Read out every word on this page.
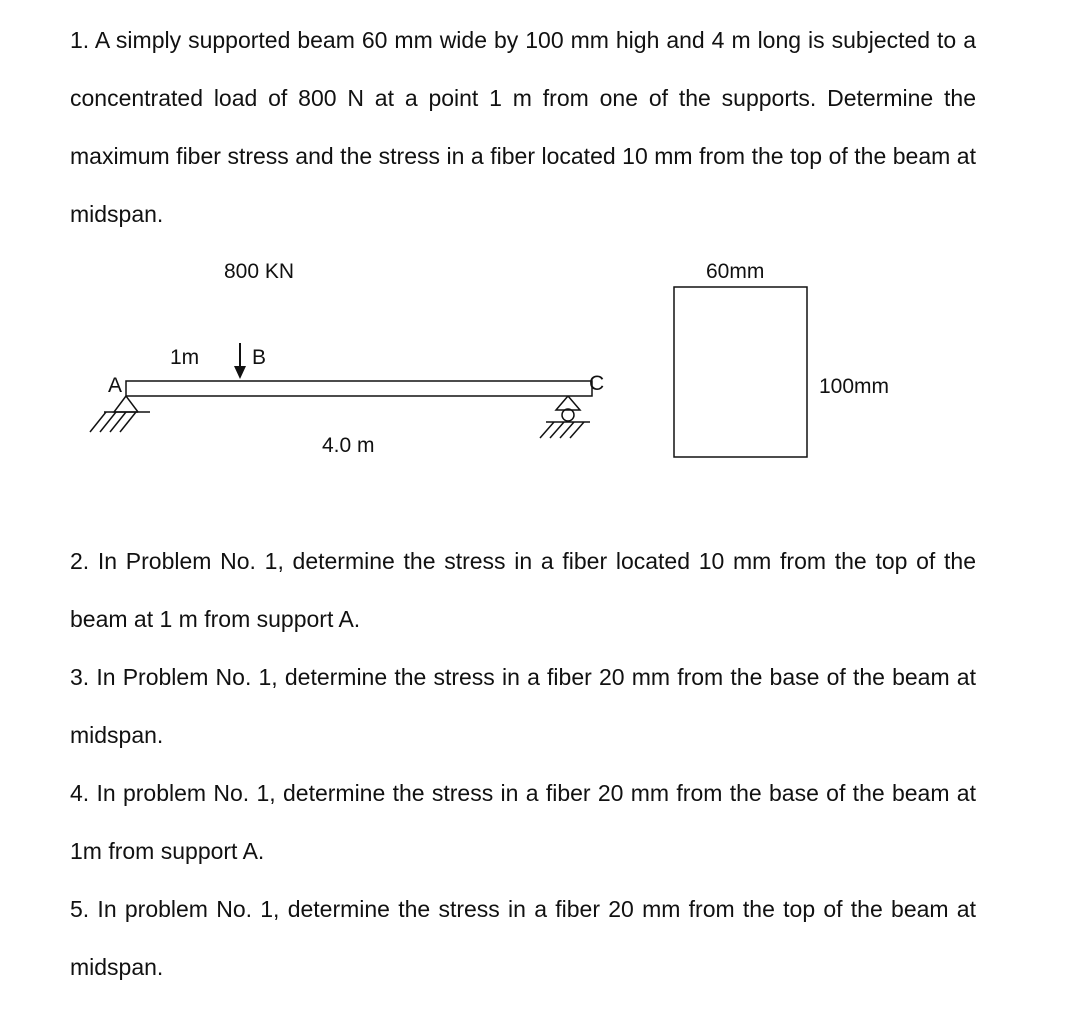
1. A simply supported beam 60 mm wide by 100 mm high and 4 m long is subjected to a concentrated load of 800 N at a point 1 m from one of the supports. Determine the maximum fiber stress and the stress in a fiber located 10 mm from the top of the beam at midspan.
800 KN
1m	B
A	C
4.0 m
60mm
100mm
2. In Problem No. 1, determine the stress in a fiber located 10 mm from the top of the beam at 1 m from support A.
3. In Problem No. 1, determine the stress in a fiber 20 mm from the base of the beam at midspan.
4. In problem No. 1, determine the stress in a fiber 20 mm from the base of the beam at 1m from support A.
5. In problem No. 1, determine the stress in a fiber 20 mm from the top of the beam at midspan.
